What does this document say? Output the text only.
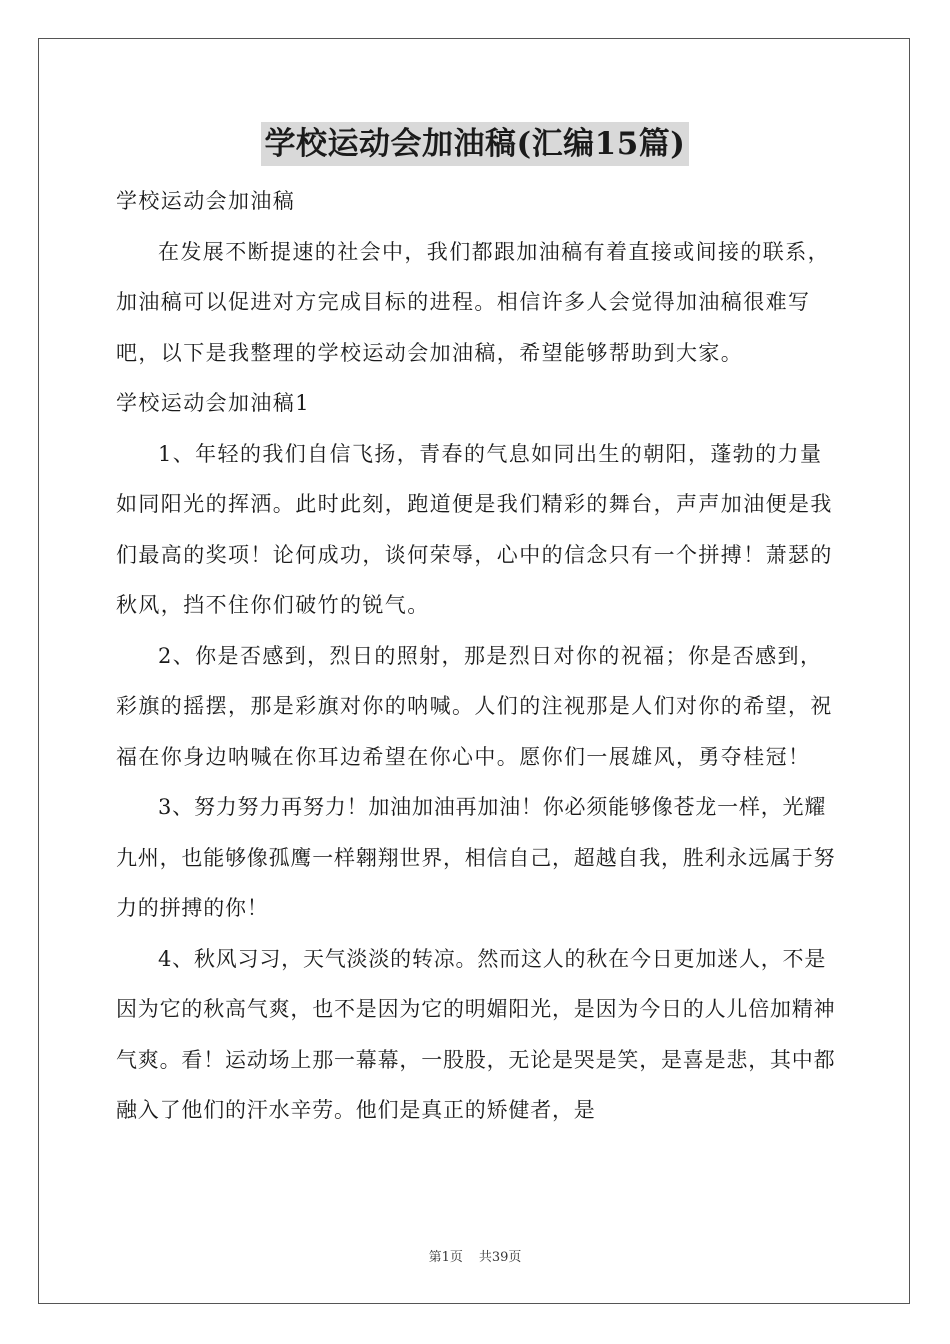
学校运动会加油稿(汇编15篇)

学校运动会加油稿

在发展不断提速的社会中，我们都跟加油稿有着直接或间接的联系，加油稿可以促进对方完成目标的进程。相信许多人会觉得加油稿很难写吧，以下是我整理的学校运动会加油稿，希望能够帮助到大家。

学校运动会加油稿1

1、年轻的我们自信飞扬，青春的气息如同出生的朝阳，蓬勃的力量如同阳光的挥洒。此时此刻，跑道便是我们精彩的舞台，声声加油便是我们最高的奖项！论何成功，谈何荣辱，心中的信念只有一个拼搏！萧瑟的秋风，挡不住你们破竹的锐气。

2、你是否感到，烈日的照射，那是烈日对你的祝福；你是否感到，彩旗的摇摆，那是彩旗对你的呐喊。人们的注视那是人们对你的希望，祝福在你身边呐喊在你耳边希望在你心中。愿你们一展雄风，勇夺桂冠！

3、努力努力再努力！加油加油再加油！你必须能够像苍龙一样，光耀九州，也能够像孤鹰一样翱翔世界，相信自己，超越自我，胜利永远属于努力的拼搏的你！

4、秋风习习，天气淡淡的转凉。然而这人的秋在今日更加迷人，不是因为它的秋高气爽，也不是因为它的明媚阳光，是因为今日的人儿倍加精神气爽。看！运动场上那一幕幕，一股股，无论是哭是笑，是喜是悲，其中都融入了他们的汗水辛劳。他们是真正的矫健者，是

第1页 共39页
